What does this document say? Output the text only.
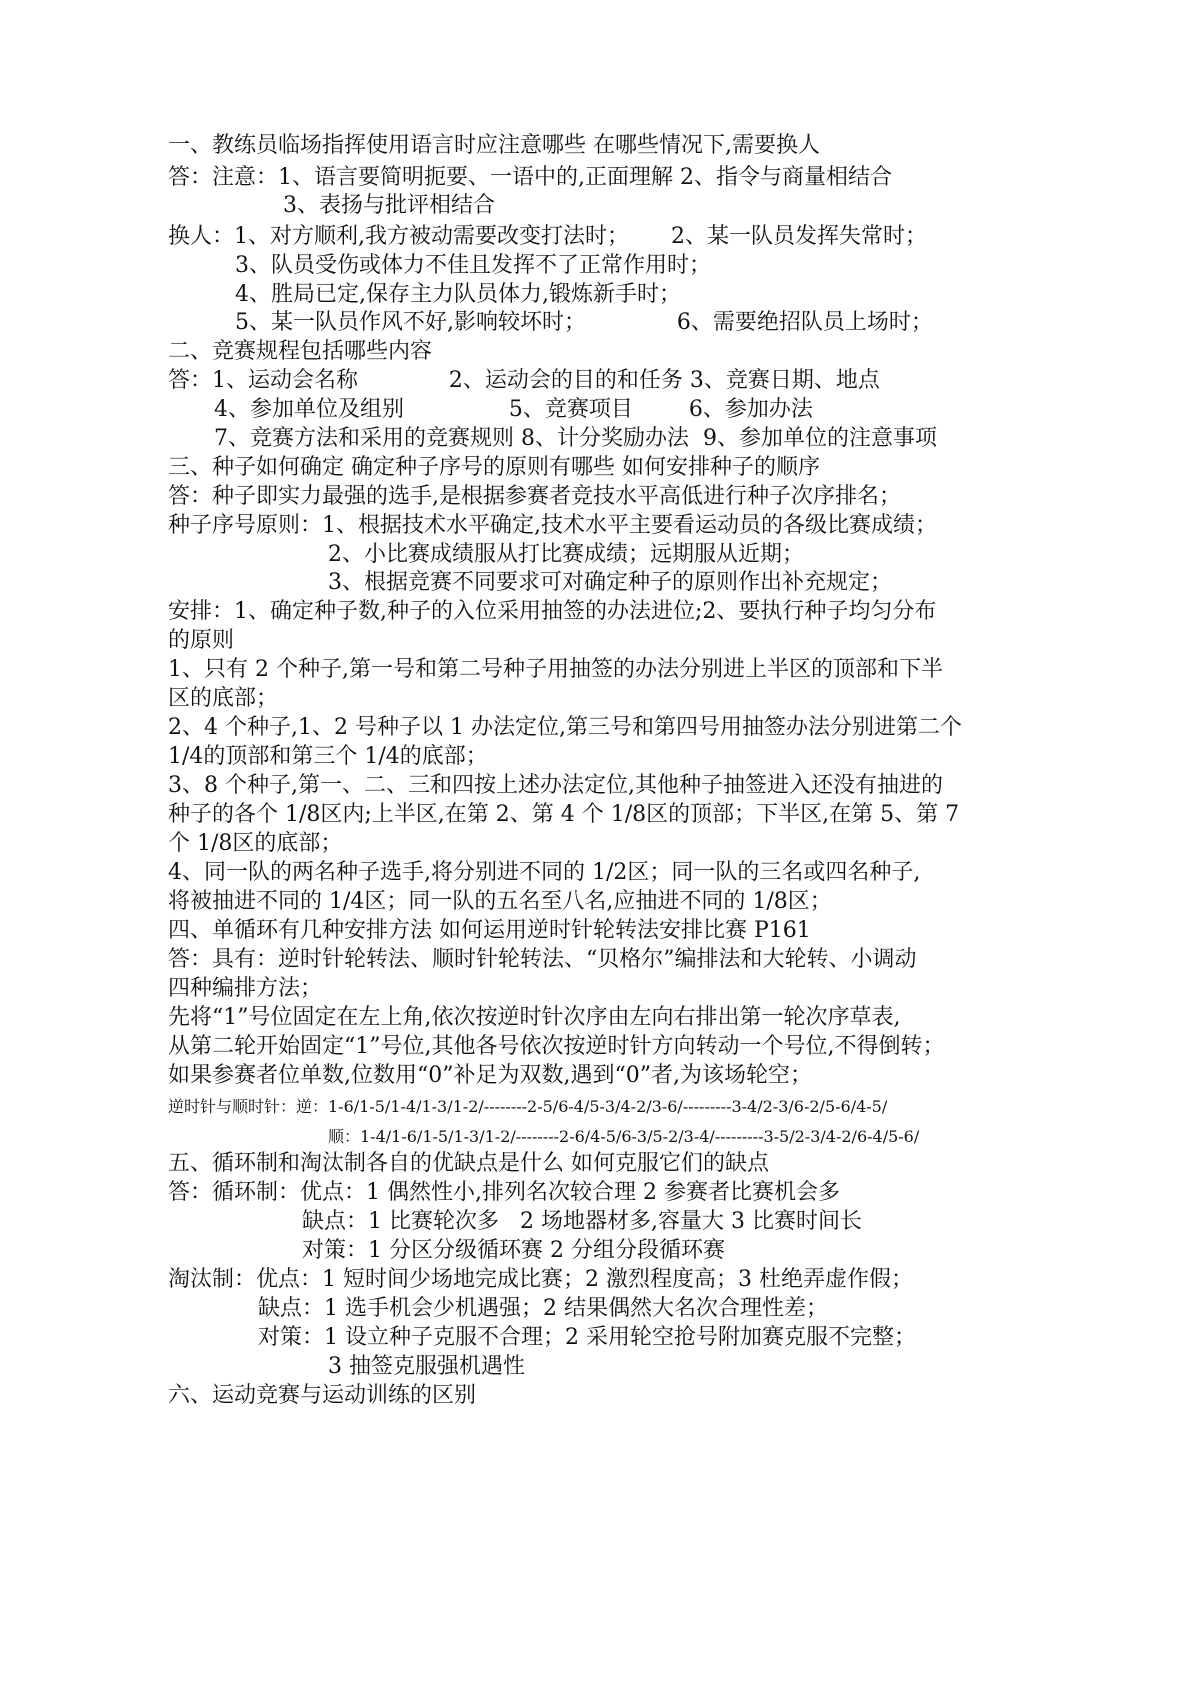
一、教练员临场指挥使用语言时应注意哪些 在哪些情况下,需要换人
答：注意：1、语言要简明扼要、一语中的,正面理解 2、指令与商量相结合
3、表扬与批评相结合
换人：1、对方顺利,我方被动需要改变打法时；      2、某一队员发挥失常时；
3、队员受伤或体力不佳且发挥不了正常作用时；
4、胜局已定,保存主力队员体力,锻炼新手时；
5、某一队员作风不好,影响较坏时；             6、需要绝招队员上场时；
二、竞赛规程包括哪些内容
答：1、运动会名称             2、运动会的目的和任务 3、竞赛日期、地点
4、参加单位及组别               5、竞赛项目        6、参加办法
7、竞赛方法和采用的竞赛规则 8、计分奖励办法  9、参加单位的注意事项
三、种子如何确定 确定种子序号的原则有哪些 如何安排种子的顺序
答：种子即实力最强的选手,是根据参赛者竞技水平高低进行种子次序排名；
种子序号原则：1、根据技术水平确定,技术水平主要看运动员的各级比赛成绩；
2、小比赛成绩服从打比赛成绩；远期服从近期；
3、根据竞赛不同要求可对确定种子的原则作出补充规定；
安排：1、确定种子数,种子的入位采用抽签的办法进位;2、要执行种子均匀分布
的原则
1、只有 2 个种子,第一号和第二号种子用抽签的办法分别进上半区的顶部和下半
区的底部；
2、4 个种子,1、2 号种子以 1 办法定位,第三号和第四号用抽签办法分别进第二个
1/4的顶部和第三个 1/4的底部；
3、8 个种子,第一、二、三和四按上述办法定位,其他种子抽签进入还没有抽进的
种子的各个 1/8区内;上半区,在第 2、第 4 个 1/8区的顶部；下半区,在第 5、第 7
个 1/8区的底部；
4、同一队的两名种子选手,将分别进不同的 1/2区；同一队的三名或四名种子,
将被抽进不同的 1/4区；同一队的五名至八名,应抽进不同的 1/8区；
四、单循环有几种安排方法 如何运用逆时针轮转法安排比赛 P161
答：具有：逆时针轮转法、顺时针轮转法、“贝格尔”编排法和大轮转、小调动
四种编排方法；
先将“1”号位固定在左上角,依次按逆时针次序由左向右排出第一轮次序草表,
从第二轮开始固定“1”号位,其他各号依次按逆时针方向转动一个号位,不得倒转；
如果参赛者位单数,位数用“0”补足为双数,遇到“0”者,为该场轮空；
逆时针与顺时针：逆：1-6/1-5/1-4/1-3/1-2/--------2-5/6-4/5-3/4-2/3-6/---------3-4/2-3/6-2/5-6/4-5/
顺：1-4/1-6/1-5/1-3/1-2/--------2-6/4-5/6-3/5-2/3-4/---------3-5/2-3/4-2/6-4/5-6/
五、循环制和淘汰制各自的优缺点是什么 如何克服它们的缺点
答：循环制：优点：1 偶然性小,排列名次较合理 2 参赛者比赛机会多
缺点：1 比赛轮次多   2 场地器材多,容量大 3 比赛时间长
对策：1 分区分级循环赛 2 分组分段循环赛
淘汰制：优点：1 短时间少场地完成比赛；2 激烈程度高；3 杜绝弄虚作假；
缺点：1 选手机会少机遇强；2 结果偶然大名次合理性差；
对策：1 设立种子克服不合理；2 采用轮空抢号附加赛克服不完整；
3 抽签克服强机遇性
六、运动竞赛与运动训练的区别
